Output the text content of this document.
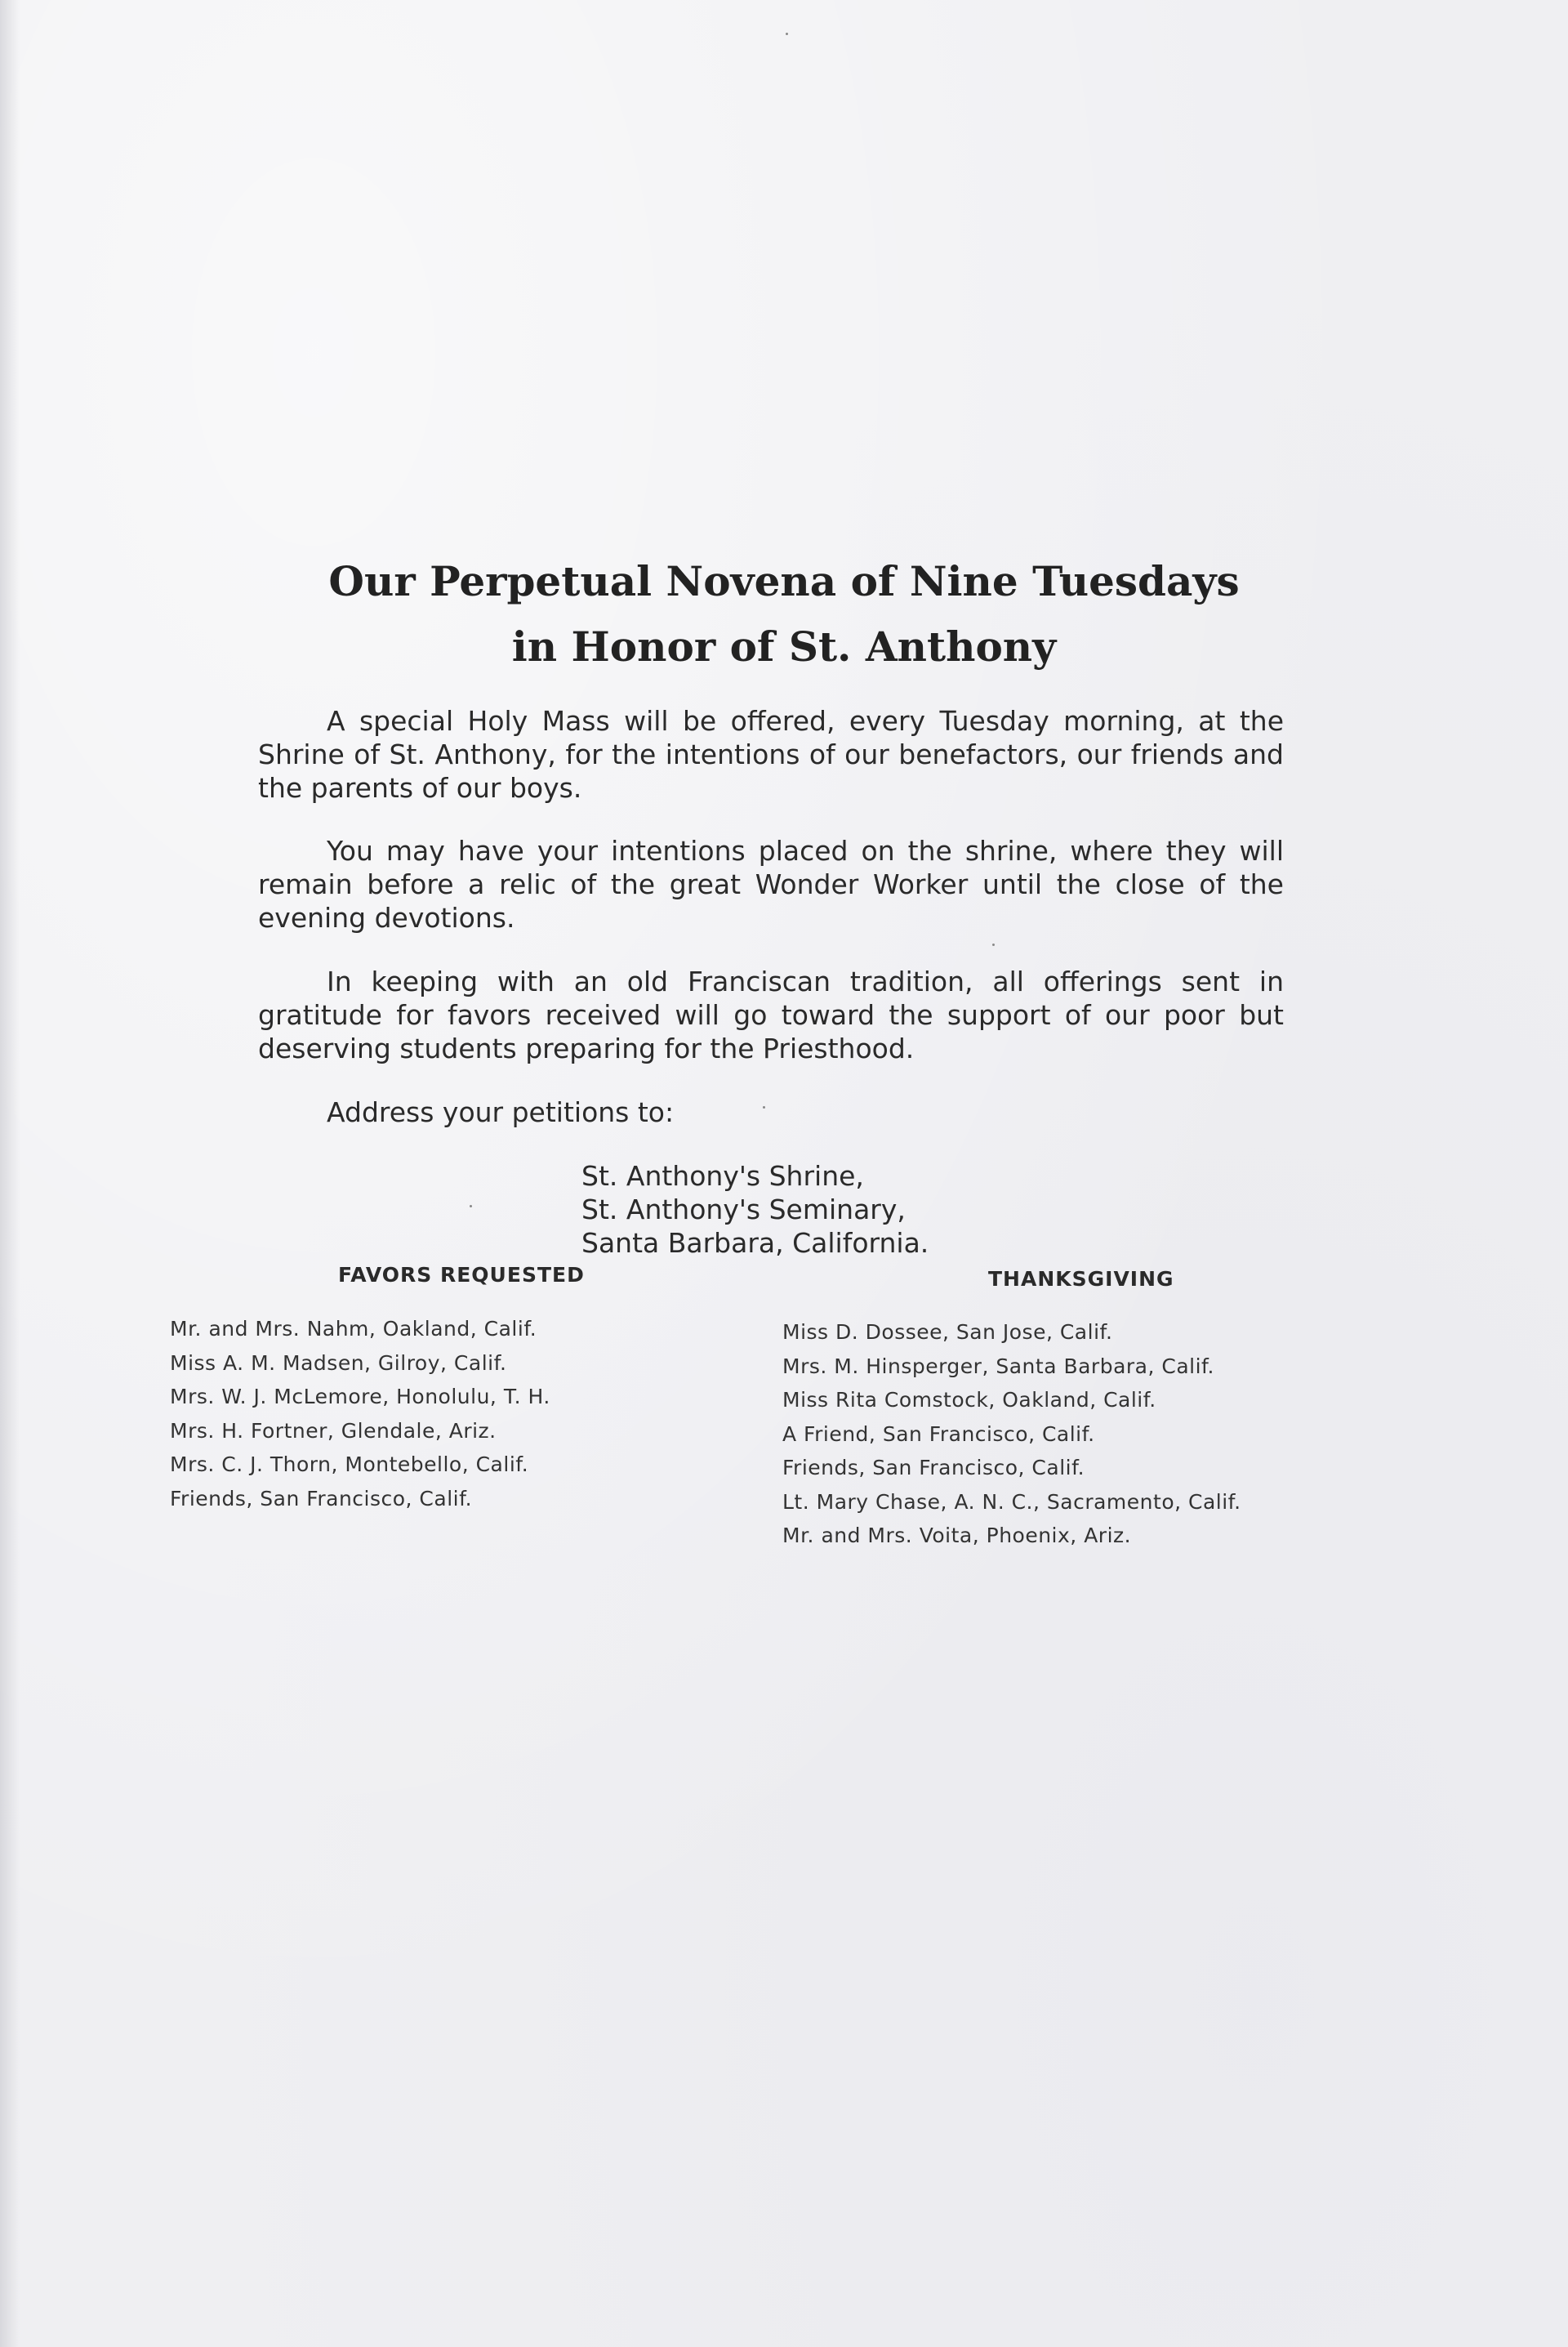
Our Perpetual Novena of Nine Tuesdays
in Honor of St. Anthony

A special Holy Mass will be offered, every Tuesday morning, at the Shrine of St. Anthony, for the intentions of our benefactors, our friends and the parents of our boys.

You may have your intentions placed on the shrine, where they will remain before a relic of the great Wonder Worker until the close of the evening devotions.

In keeping with an old Franciscan tradition, all offerings sent in gratitude for favors received will go toward the support of our poor but deserving students preparing for the Priesthood.

Address your petitions to:

St. Anthony's Shrine,
St. Anthony's Seminary,
Santa Barbara, California.
FAVORS REQUESTED	THANKSGIVING
Mr. and Mrs. Nahm, Oakland, Calif.
Miss A. M. Madsen, Gilroy, Calif.
Mrs. W. J. McLemore, Honolulu, T. H.
Mrs. H. Fortner, Glendale, Ariz.
Mrs. C. J. Thorn, Montebello, Calif.
Friends, San Francisco, Calif.
Miss D. Dossee, San Jose, Calif.
Mrs. M. Hinsperger, Santa Barbara, Calif.
Miss Rita Comstock, Oakland, Calif.
A Friend, San Francisco, Calif.
Friends, San Francisco, Calif.
Lt. Mary Chase, A. N. C., Sacramento, Calif.
Mr. and Mrs. Voita, Phoenix, Ariz.
